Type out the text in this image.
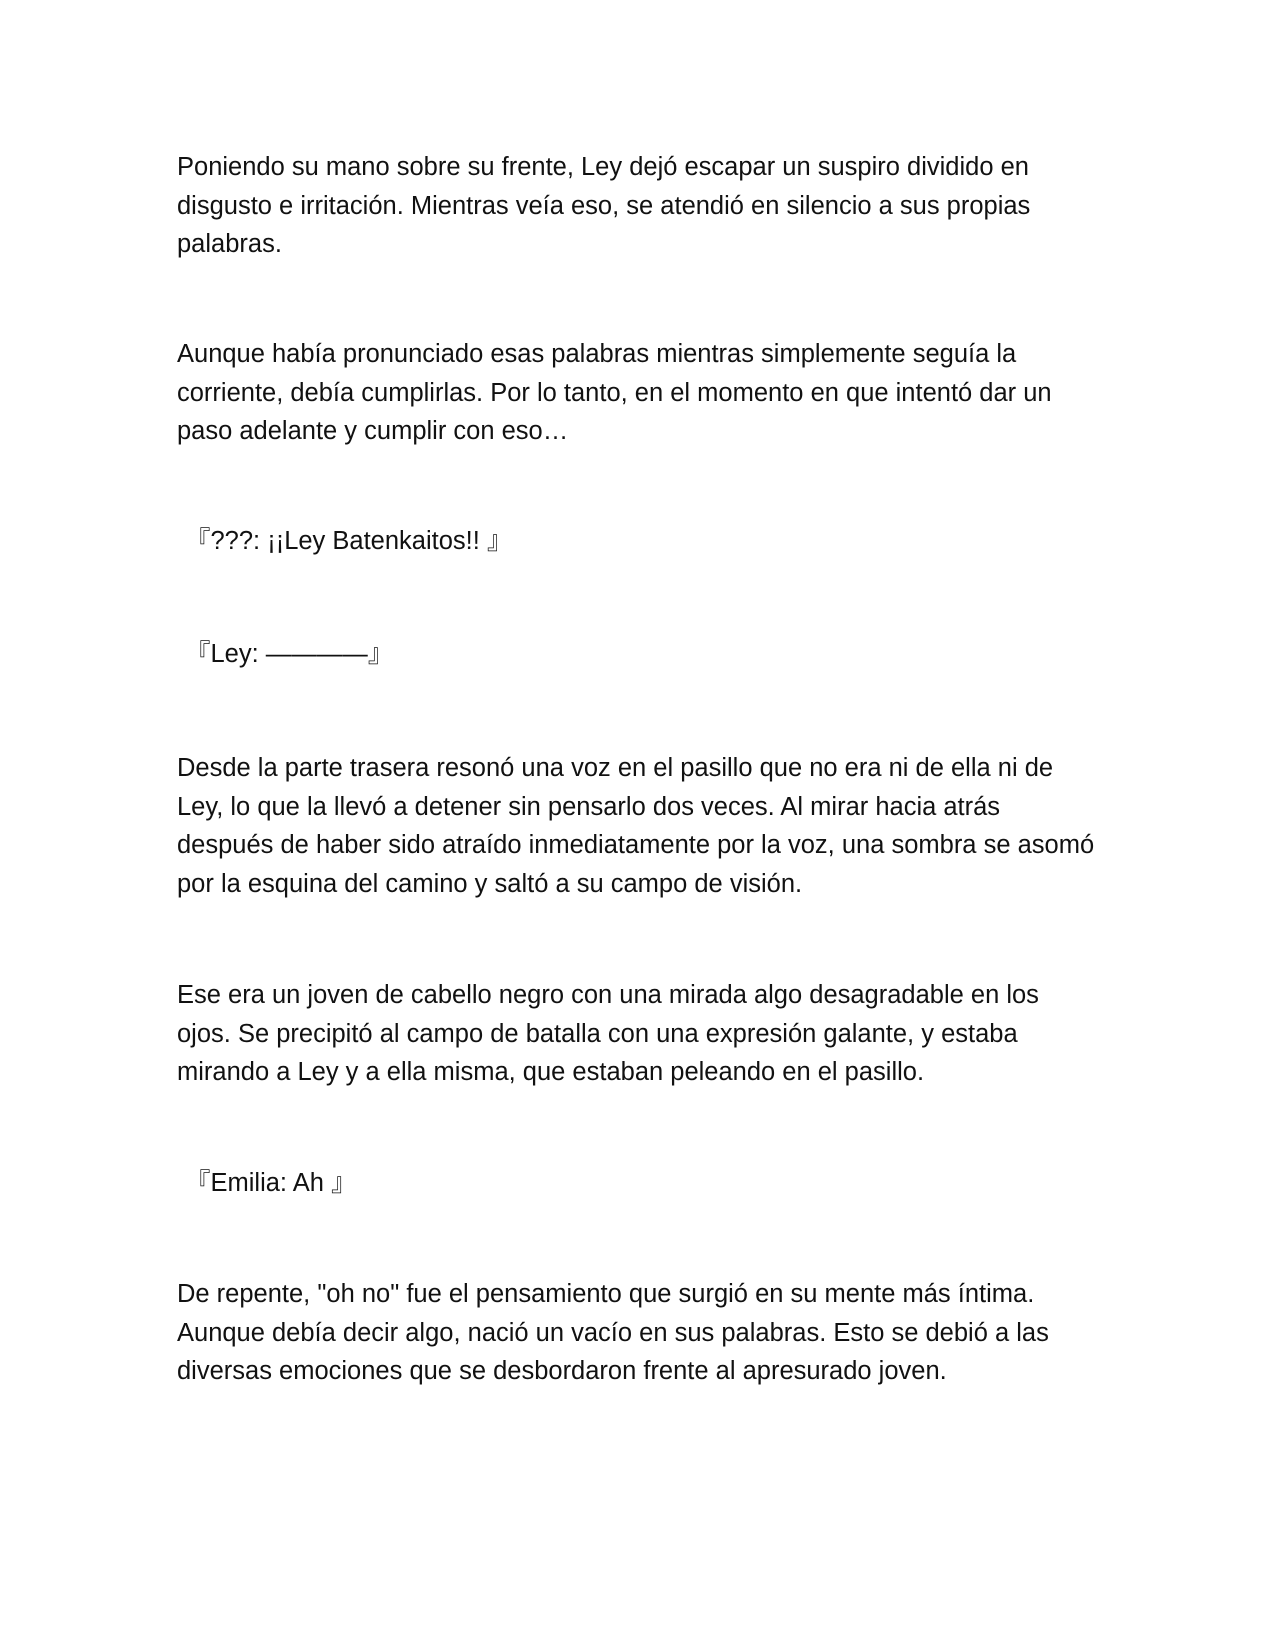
Poniendo su mano sobre su frente, Ley dejó escapar un suspiro dividido en disgusto e irritación. Mientras veía eso, se atendió en silencio a sus propias palabras.

Aunque había pronunciado esas palabras mientras simplemente seguía la corriente, debía cumplirlas. Por lo tanto, en el momento en que intentó dar un paso adelante y cumplir con eso…

『???: ¡¡Ley Batenkaitos!! 』

『Ley: ————』

Desde la parte trasera resonó una voz en el pasillo que no era ni de ella ni de Ley, lo que la llevó a detener sin pensarlo dos veces. Al mirar hacia atrás después de haber sido atraído inmediatamente por la voz, una sombra se asomó por la esquina del camino y saltó a su campo de visión.

Ese era un joven de cabello negro con una mirada algo desagradable en los ojos. Se precipitó al campo de batalla con una expresión galante, y estaba mirando a Ley y a ella misma, que estaban peleando en el pasillo.

『Emilia: Ah 』

De repente, "oh no" fue el pensamiento que surgió en su mente más íntima. Aunque debía decir algo, nació un vacío en sus palabras. Esto se debió a las diversas emociones que se desbordaron frente al apresurado joven.
